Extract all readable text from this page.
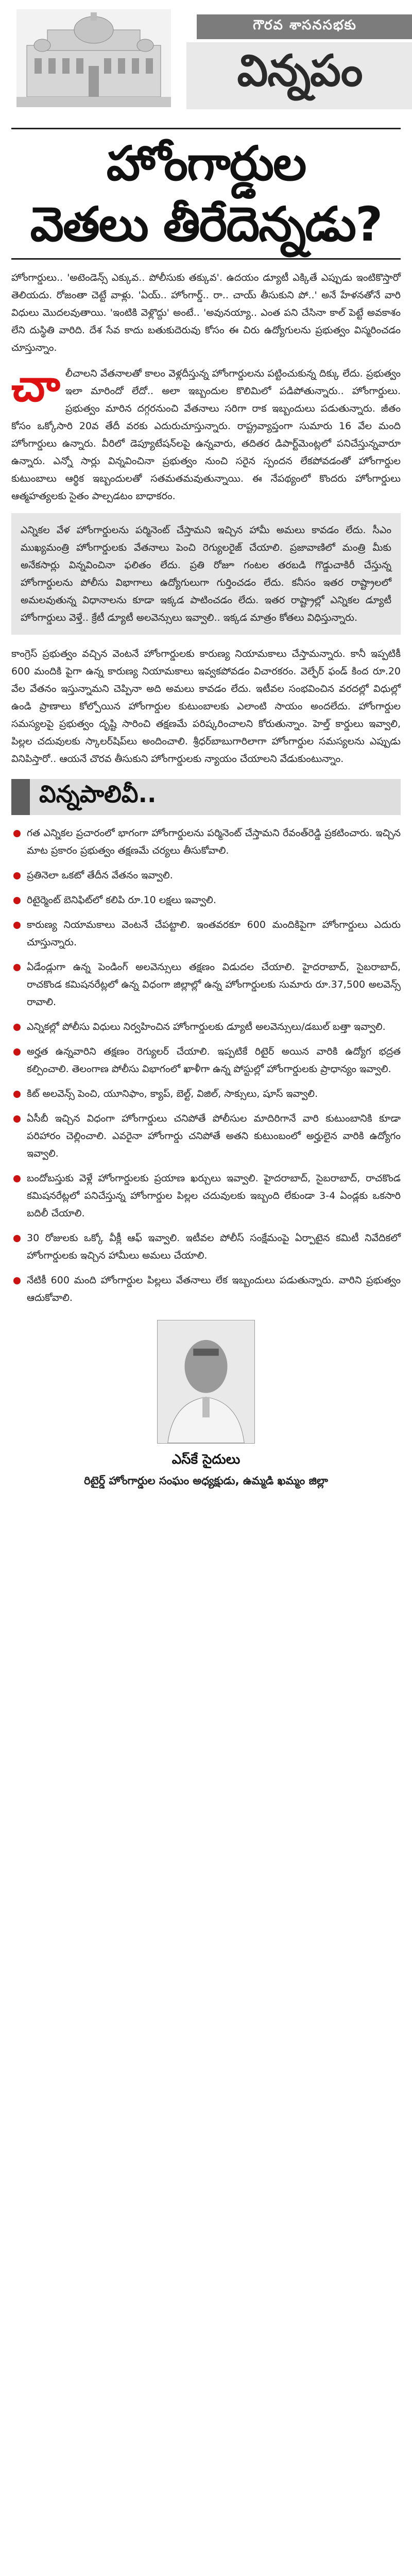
గౌరవ శాసనసభకు
విన్నపం
హోంగార్డుల
వెతలు తీరేదెన్నడు?

హోంగార్డులు.. 'అటెండెన్స్‌ ఎక్కువ.. పోలీసుకు తక్కువ'. ఉదయం డ్యూటీ ఎక్కితే ఎప్పుడు ఇంటికొస్తారో తెలియదు. రోజంతా చెట్టే వాళ్లు. 'ఏయ్‌.. హోంగార్డ్‌.. రా.. చాయ్‌ తీసుకుని పో..' అనే హేళనతోనే వారి విధులు మొదలవుతాయి. 'ఇంటికి వెళ్లొద్దు' అంటే.. 'అవునయ్యా.. ఎంత పని చేసినా కాల్‌ పెట్టే అవకాశం లేని దుస్థితి వారిది. దేశ సేవ కాదు బతుకుదెరువు కోసం ఈ చిరు ఉద్యోగులను ప్రభుత్వం విస్మరించడం చూస్తున్నాం.

చా లీచాలని వేతనాలతో కాలం వెళ్లదీస్తున్న హోంగార్డులను పట్టించుకున్న దిక్కు లేదు. ప్రభుత్వం ఇలా మారిందో లేదో.. అలా ఇబ్బందుల కొలిమిలో పడిపోతున్నారు.. హోంగార్డులు. ప్రభుత్వం మారిన దగ్గరనుంచి వేతనాలు సరిగా రాక ఇబ్బందులు పడుతున్నారు. జీతం కోసం ఒక్కోసారి 20వ తేదీ వరకు ఎదురుచూస్తున్నారు. రాష్ట్రవ్యాప్తంగా సుమారు 16 వేల మంది హోంగార్డులు ఉన్నారు. వీరిలో డెప్యూటేషన్‌లపై ఉన్నవారు, తదితర డిపార్ట్‌మెంట్లలో పనిచేస్తున్నవారూ ఉన్నారు. ఎన్నో సార్లు విన్నవించినా ప్రభుత్వం నుంచి సరైన స్పందన లేకపోవడంతో హోంగార్డుల కుటుంబాలు ఆర్థిక ఇబ్బందులతో సతమతమవుతున్నాయి. ఈ నేపథ్యంలో కొందరు హోంగార్డులు ఆత్మహత్యలకు సైతం పాల్పడటం బాధాకరం.

ఎన్నికల వేళ హోంగార్డులను పర్మినెంట్‌ చేస్తామని ఇచ్చిన హామీ అమలు కావడం లేదు. సీఎం ముఖ్యమంత్రి హోంగార్డులకు వేతనాలు పెంచి రెగ్యులరైజ్‌ చేయాలి. ప్రజావాణిలో మంత్రి మీకు అనేకసార్లు విన్నవించినా ఫలితం లేదు. ప్రతి రోజూ గంటల తరబడి గొడ్డుచాకిరీ చేస్తున్న హోంగార్డులను పోలీసు విభాగాలు ఉద్యోగులుగా గుర్తించడం లేదు. కనీసం ఇతర రాష్ట్రాలలో అమలవుతున్న విధానాలను కూడా ఇక్కడ పాటించడం లేదు. ఇతర రాష్ట్రాల్లో ఎన్నికల డ్యూటీ హోంగార్డులు వెళ్తే.. క్రేటీ డ్యూటీ అలవెన్సులు ఇవ్వాలి.. ఇక్కడ మాత్రం కోతలు విధిస్తున్నారు.

కాంగ్రెస్‌ ప్రభుత్వం వచ్చిన వెంటనే హోంగార్డులకు కారుణ్య నియామకాలు చేస్తామన్నారు. కానీ ఇప్పటికీ 600 మందికి పైగా ఉన్న కారుణ్య నియామకాలు ఇవ్వకపోవడం విచారకరం. వెల్ఫేర్‌ ఫండ్‌ కింద రూ.20 వేల వేతనం ఇస్తున్నామని చెప్పినా అది అమలు కావడం లేదు. ఇటీవల సంభవించిన వరదల్లో విధుల్లో ఉండి ప్రాణాలు కోల్పోయిన హోంగార్డుల కుటుంబాలకు ఎలాంటి సాయం అందలేదు. హోంగార్డుల సమస్యలపై ప్రభుత్వం దృష్టి సారించి తక్షణమే పరిష్కరించాలని కోరుతున్నాం. హెల్త్‌ కార్డులు ఇవ్వాలి, పిల్లల చదువులకు స్కాలర్‌షిప్‌లు అందించాలి. శ్రీధర్‌బాబుగారిలాగా హోంగార్డుల సమస్యలను ఎప్పుడు వినిపిస్తారో.. ఆయనే చొరవ తీసుకుని హోంగార్డులకు న్యాయం చేయాలని వేడుకుంటున్నాం.

విన్నపాలివీ..
గత ఎన్నికల ప్రచారంలో భాగంగా హోంగార్డులను పర్మినెంట్‌ చేస్తామని రేవంత్‌రెడ్డి ప్రకటించారు. ఇచ్చిన మాట ప్రకారం ప్రభుత్వం తక్షణమే చర్యలు తీసుకోవాలి.
ప్రతినెలా ఒకటో తేదీన వేతనం ఇవ్వాలి.
రిటైర్మెంట్‌ బెనిఫిట్‌లో కలిపి రూ.10 లక్షలు ఇవ్వాలి.
కారుణ్య నియామకాలు వెంటనే చేపట్టాలి. ఇంతవరకూ 600 మందికిపైగా హోంగార్డులు ఎదురు చూస్తున్నారు.
ఏడేండ్లుగా ఉన్న పెండింగ్‌ అలవెన్సులు తక్షణం విడుదల చేయాలి. హైదరాబాద్‌, సైబరాబాద్‌, రాచకొండ కమిషనరేట్లలో ఉన్న విధంగా జిల్లాల్లో ఉన్న హోంగార్డులకు సుమారు రూ.37,500 అలవెన్స్‌ రావాలి.
ఎన్నికల్లో పోలీసు విధులు నిర్వహించిన హోంగార్డులకు డ్యూటీ అలవెన్సులు/డబుల్‌ బత్తా ఇవ్వాలి.
అర్హత ఉన్నవారిని తక్షణం రెగ్యులర్‌ చేయాలి. ఇప్పటికే రిటైర్‌ అయిన వారికి ఉద్యోగ భద్రత కల్పించాలి. తెలంగాణ పోలీసు విభాగంలో ఖాళీగా ఉన్న పోస్టుల్లో హోంగార్డులకు ప్రాధాన్యం ఇవ్వాలి.
కిట్‌ అలవెన్స్‌ పెంచి, యూనిఫాం, క్యాప్‌, బెల్ట్‌, విజిల్‌, సాక్సులు, షూస్‌ ఇవ్వాలి.
ఏసీబీ ఇచ్చిన విధంగా హోంగార్డులు చనిపోతే పోలీసుల మాదిరిగానే వారి కుటుంబానికి కూడా పరిహారం చెల్లించాలి. ఎవరైనా హోంగార్డు చనిపోతే అతని కుటుంబంలో అర్హులైన వారికి ఉద్యోగం ఇవ్వాలి.
బందోబస్తుకు వెళ్లే హోంగార్డులకు ప్రయాణ ఖర్చులు ఇవ్వాలి. హైదరాబాద్‌, సైబరాబాద్‌, రాచకొండ కమిషనరేట్లలో పనిచేస్తున్న హోంగార్డుల పిల్లల చదువులకు ఇబ్బంది లేకుండా 3-4 ఏండ్లకు ఒకసారి బదిలీ చేయాలి.
30 రోజులకు ఒక్కో వీక్లీ ఆఫ్‌ ఇవ్వాలి. ఇటీవల పోలీస్‌ సంక్షేమంపై ఏర్పాటైన కమిటీ నివేదికలో హోంగార్డులకు ఇచ్చిన హామీలు అమలు చేయాలి.
నేటికీ 600 మంది హోంగార్డుల పిల్లలు వేతనాలు లేక ఇబ్బందులు పడుతున్నారు. వారిని ప్రభుత్వం ఆదుకోవాలి.
ఎస్‌కే సైదులు
రిటైర్డ్‌ హోంగార్డుల సంఘం అధ్యక్షుడు, ఉమ్మడి ఖమ్మం జిల్లా
